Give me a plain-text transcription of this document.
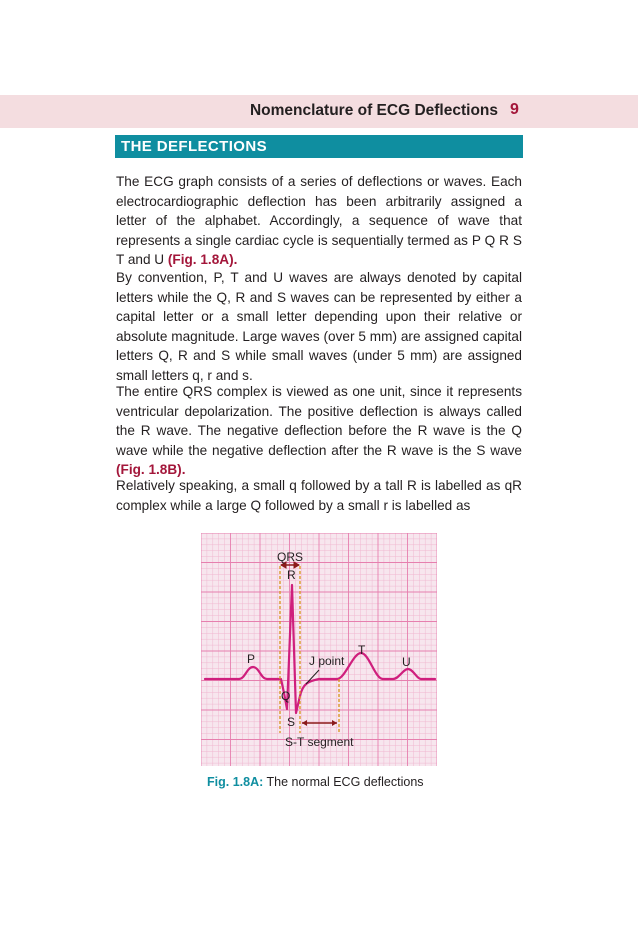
Nomenclature of ECG Deflections 9
THE DEFLECTIONS

The ECG graph consists of a series of deflections or waves. Each electrocardiographic deflection has been arbitrarily assigned a letter of the alphabet. Accordingly, a sequence of wave that represents a single cardiac cycle is sequentially termed as P Q R S T and U (Fig. 1.8A).

By convention, P, T and U waves are always denoted by capital letters while the Q, R and S waves can be represented by either a capital letter or a small letter depending upon their relative or absolute magnitude. Large waves (over 5 mm) are assigned capital letters Q, R and S while small waves (under 5 mm) are assigned small letters q, r and s.

The entire QRS complex is viewed as one unit, since it represents ventricular depolarization. The positive deflection is always called the R wave. The negative deflection before the R wave is the Q wave while the negative deflection after the R wave is the S wave (Fig. 1.8B).

Relatively speaking, a small q followed by a tall R is labelled as qR complex while a large Q followed by a small r is labelled as

QRS
R
P	J point
T
U
Q
S
S-T segment
Fig. 1.8A: The normal ECG deflections
